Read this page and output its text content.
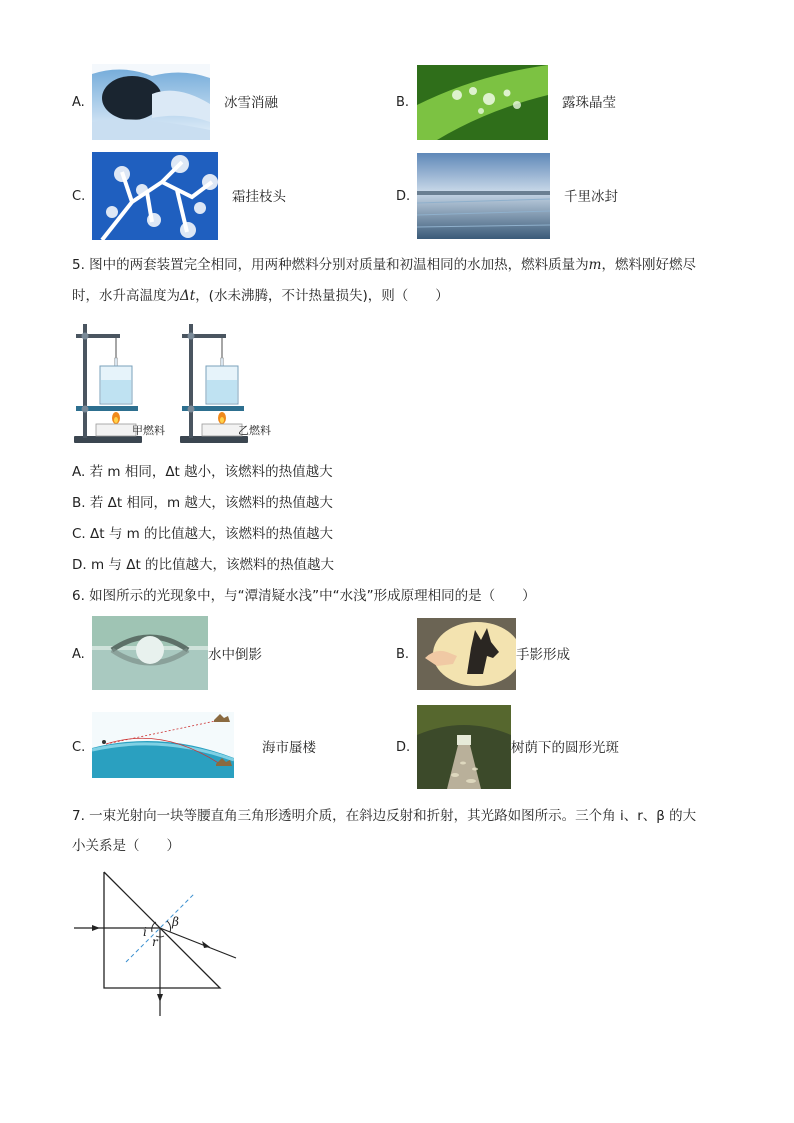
A.	冰雪消融	B.	露珠晶莹
C.	霜挂枝头	D.	千里冰封
5. 图中的两套装置完全相同，用两种燃料分别对质量和初温相同的水加热，燃料质量为m，燃料刚好燃尽
时，水升高温度为Δt，(水未沸腾，不计热量损失)，则（　　）
甲燃料	乙燃料
A. 若 m 相同，Δt 越小，该燃料的热值越大
B. 若 Δt 相同，m 越大，该燃料的热值越大
C. Δt 与 m 的比值越大，该燃料的热值越大
D. m 与 Δt 的比值越大，该燃料的热值越大
6. 如图所示的光现象中，与“潭清疑水浅”中“水浅”形成原理相同的是（　　）
A.	水中倒影	B.	手影形成
C.	海市蜃楼	D.	树荫下的圆形光斑
7. 一束光射向一块等腰直角三角形透明介质，在斜边反射和折射，其光路如图所示。三个角 i、r、β 的大
小关系是（　　）
i
r
β
